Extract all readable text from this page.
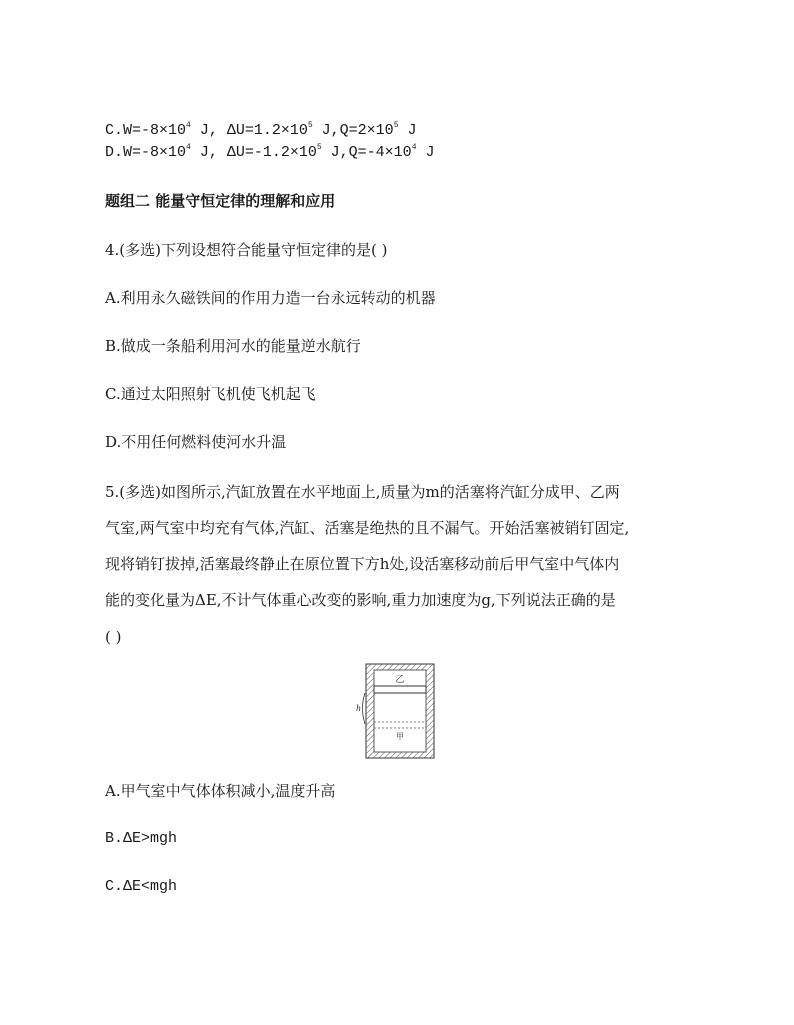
$C.W=-8\times 10^4$ J, $\Delta U=1.2\times 10^5$ $J,Q=2\times 10^5$ J
$D.W=-8\times 10^4$ J, $\Delta U=-1.2\times 10^5$ $J,Q=-4\times 10^4$ J
题组二 能量守恒定律的理解和应用
4.(多选)下列设想符合能量守恒定律的是( )
A.利用永久磁铁间的作用力造一台永远转动的机器
B.做成一条船利用河水的能量逆水航行
C.通过太阳照射飞机使飞机起飞
D.不用任何燃料使河水升温
5.(多选)如图所示,汽缸放置在水平地面上,质量为m的活塞将汽缸分成甲、乙两
气室,两气室中均充有气体,汽缸、活塞是绝热的且不漏气。开始活塞被销钉固定,
现将销钉拔掉,活塞最终静止在原位置下方h处,设活塞移动前后甲气室中气体内
能的变化量为ΔE,不计气体重心改变的影响,重力加速度为g,下列说法正确的是
( )
乙
甲
h
A.甲气室中气体体积减小,温度升高
B.ΔE>mgh
C.ΔE<mgh
